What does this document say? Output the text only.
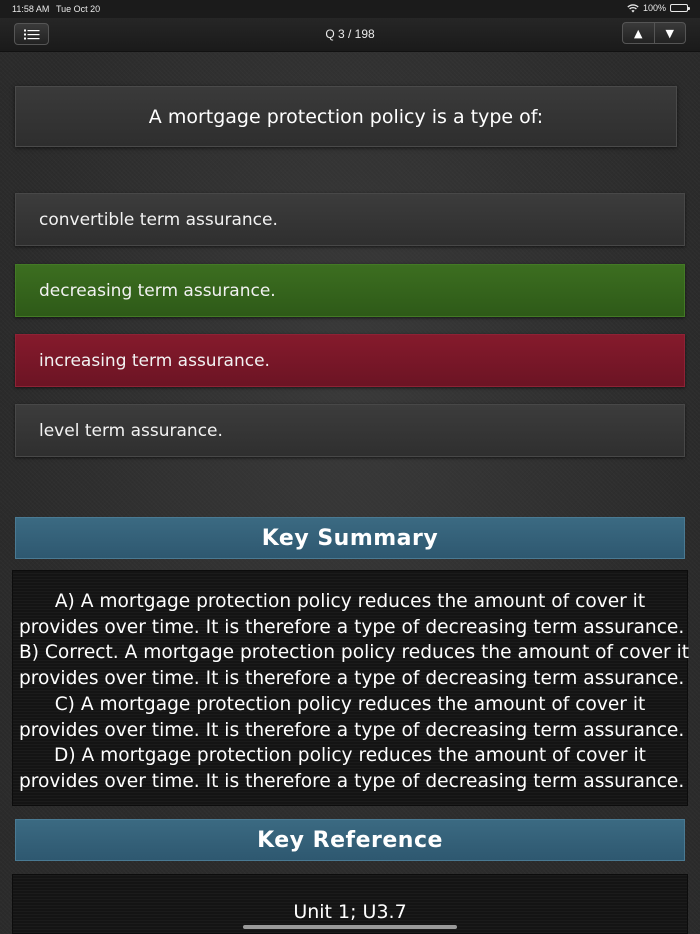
11:58 AM Tue Oct 20	100%
Q 3 / 198	▲	▼
A mortgage protection policy is a type of:
convertible term assurance.
decreasing term assurance.
increasing term assurance.
level term assurance.
Key Summary
A) A mortgage protection policy reduces the amount of cover it
provides over time. It is therefore a type of decreasing term assurance.
B) Correct. A mortgage protection policy reduces the amount of cover it
provides over time. It is therefore a type of decreasing term assurance.
C) A mortgage protection policy reduces the amount of cover it
provides over time. It is therefore a type of decreasing term assurance.
D) A mortgage protection policy reduces the amount of cover it
provides over time. It is therefore a type of decreasing term assurance.
Key Reference
Unit 1; U3.7
